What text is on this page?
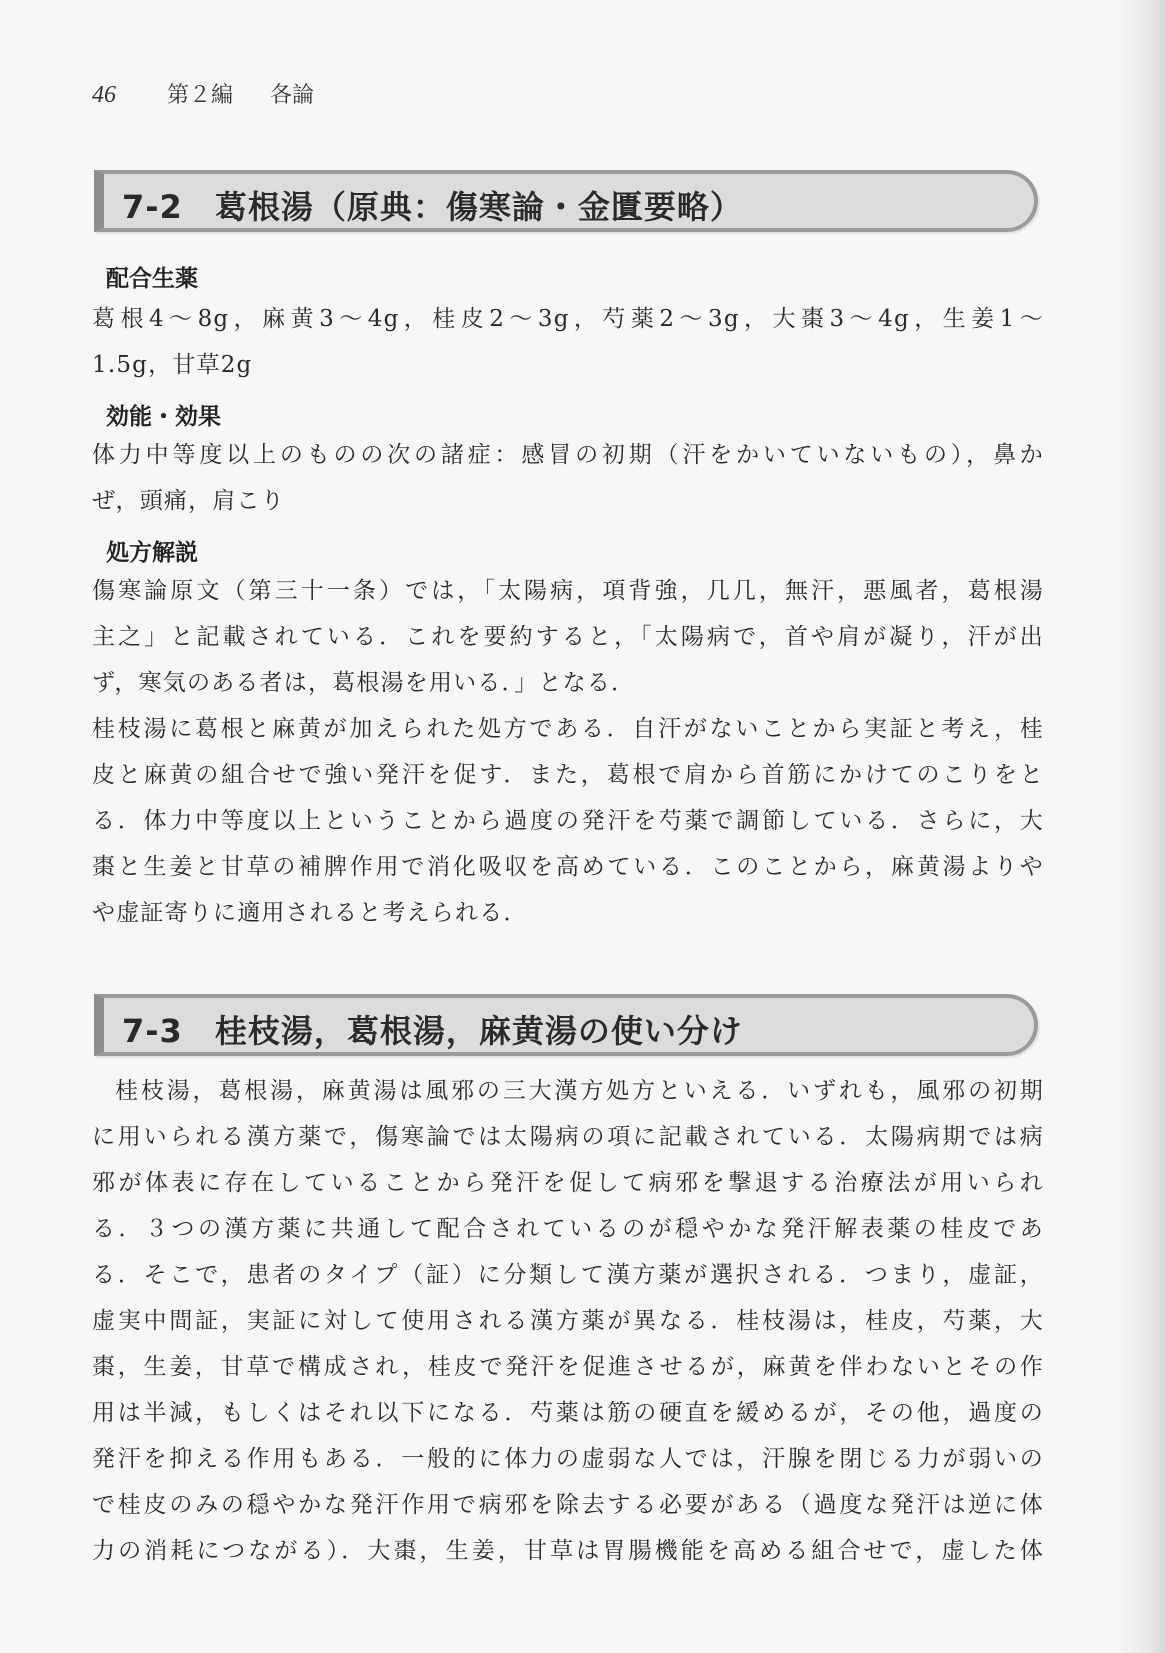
46 第２編 各論
7-2 葛根湯（原典：傷寒論・金匱要略）
配合生薬
葛根4～8g，麻黄3～4g，桂皮2～3g，芍薬2～3g，大棗3～4g，生姜1～
1.5g，甘草2g
効能・効果
体力中等度以上のものの次の諸症：感冒の初期（汗をかいていないもの），鼻か
ぜ，頭痛，肩こり
処方解説
傷寒論原文（第三十一条）では，「太陽病，項背強，几几，無汗，悪風者，葛根湯
主之」と記載されている．これを要約すると，「太陽病で，首や肩が凝り，汗が出
ず，寒気のある者は，葛根湯を用いる．」となる．
桂枝湯に葛根と麻黄が加えられた処方である．自汗がないことから実証と考え，桂
皮と麻黄の組合せで強い発汗を促す．また，葛根で肩から首筋にかけてのこりをと
る．体力中等度以上ということから過度の発汗を芍薬で調節している．さらに，大
棗と生姜と甘草の補脾作用で消化吸収を高めている．このことから，麻黄湯よりや
や虚証寄りに適用されると考えられる．
7-3 桂枝湯，葛根湯，麻黄湯の使い分け
桂枝湯，葛根湯，麻黄湯は風邪の三大漢方処方といえる．いずれも，風邪の初期
に用いられる漢方薬で，傷寒論では太陽病の項に記載されている．太陽病期では病
邪が体表に存在していることから発汗を促して病邪を撃退する治療法が用いられ
る．３つの漢方薬に共通して配合されているのが穏やかな発汗解表薬の桂皮であ
る．そこで，患者のタイプ（証）に分類して漢方薬が選択される．つまり，虚証，
虚実中間証，実証に対して使用される漢方薬が異なる．桂枝湯は，桂皮，芍薬，大
棗，生姜，甘草で構成され，桂皮で発汗を促進させるが，麻黄を伴わないとその作
用は半減，もしくはそれ以下になる．芍薬は筋の硬直を緩めるが，その他，過度の
発汗を抑える作用もある．一般的に体力の虚弱な人では，汗腺を閉じる力が弱いの
で桂皮のみの穏やかな発汗作用で病邪を除去する必要がある（過度な発汗は逆に体
力の消耗につながる）．大棗，生姜，甘草は胃腸機能を高める組合せで，虚した体
